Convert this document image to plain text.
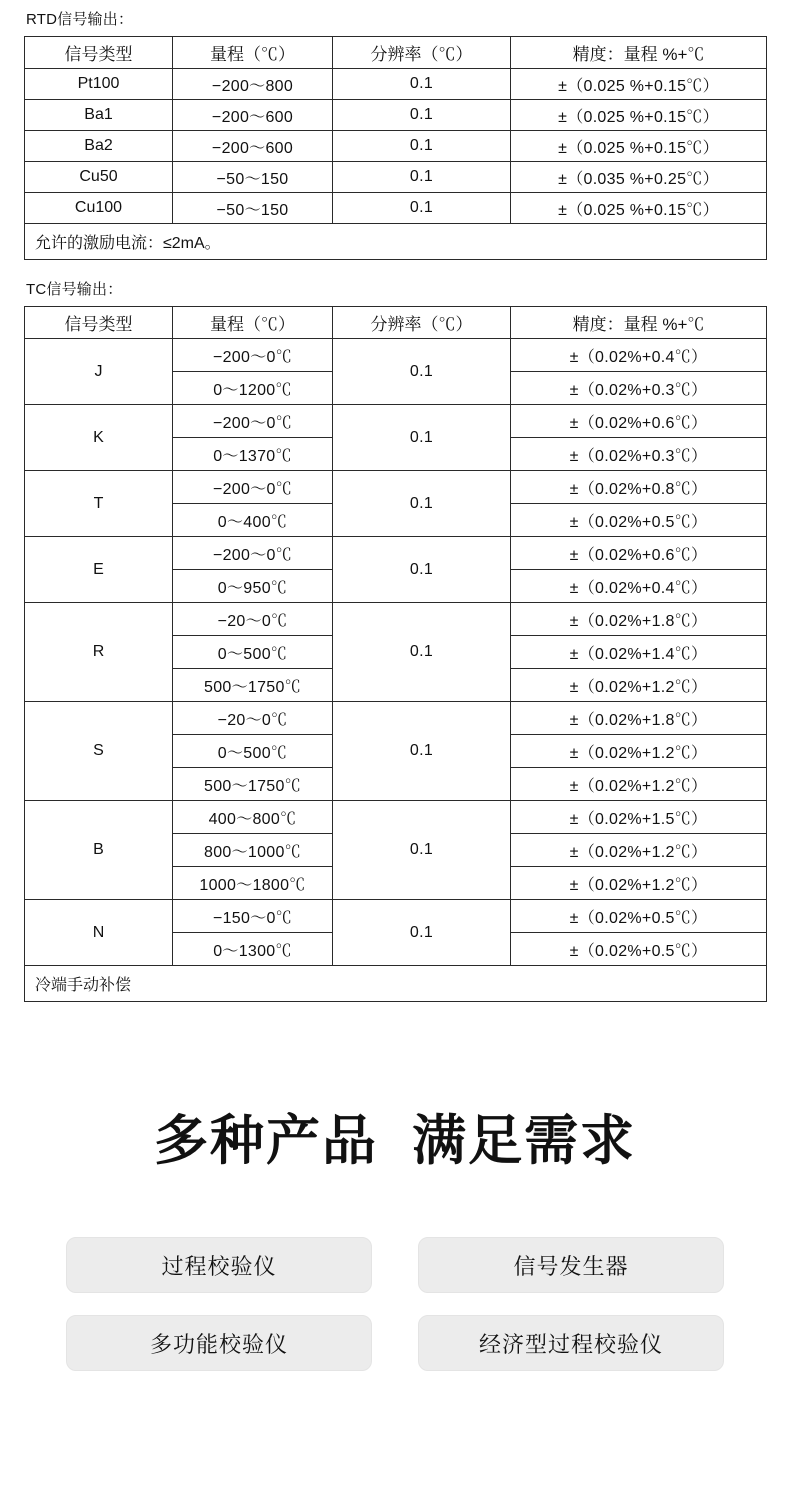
RTD信号输出：
信号类型	量程（℃）	分辨率（℃）	精度：量程 %+℃
Pt100	−200～800	0.1	±（0.025 %+0.15℃）
Ba1	−200～600	0.1	±（0.025 %+0.15℃）
Ba2	−200～600	0.1	±（0.025 %+0.15℃）
Cu50	−50～150	0.1	±（0.035 %+0.25℃）
Cu100	−50～150	0.1	±（0.025 %+0.15℃）
允许的激励电流：≤2mA。			
TC信号输出：
信号类型	量程（℃）	分辨率（℃）	精度：量程 %+℃
J	−200～0℃	0.1	±（0.02%+0.4℃）
	0～1200℃		±（0.02%+0.3℃）
K	−200～0℃	0.1	±（0.02%+0.6℃）
	0～1370℃		±（0.02%+0.3℃）
T	−200～0℃	0.1	±（0.02%+0.8℃）
	0～400℃		±（0.02%+0.5℃）
E	−200～0℃	0.1	±（0.02%+0.6℃）
	0～950℃		±（0.02%+0.4℃）
R	−20～0℃	0.1	±（0.02%+1.8℃）
	0～500℃		±（0.02%+1.4℃）
	500～1750℃		±（0.02%+1.2℃）
S	−20～0℃	0.1	±（0.02%+1.8℃）
	0～500℃		±（0.02%+1.2℃）
	500～1750℃		±（0.02%+1.2℃）
B	400～800℃	0.1	±（0.02%+1.5℃）
	800～1000℃		±（0.02%+1.2℃）
	1000～1800℃		±（0.02%+1.2℃）
N	−150～0℃	0.1	±（0.02%+0.5℃）
	0～1300℃		±（0.02%+0.5℃）
冷端手动补偿			
多种产品 满足需求
过程校验仪	信号发生器
多功能校验仪	经济型过程校验仪
